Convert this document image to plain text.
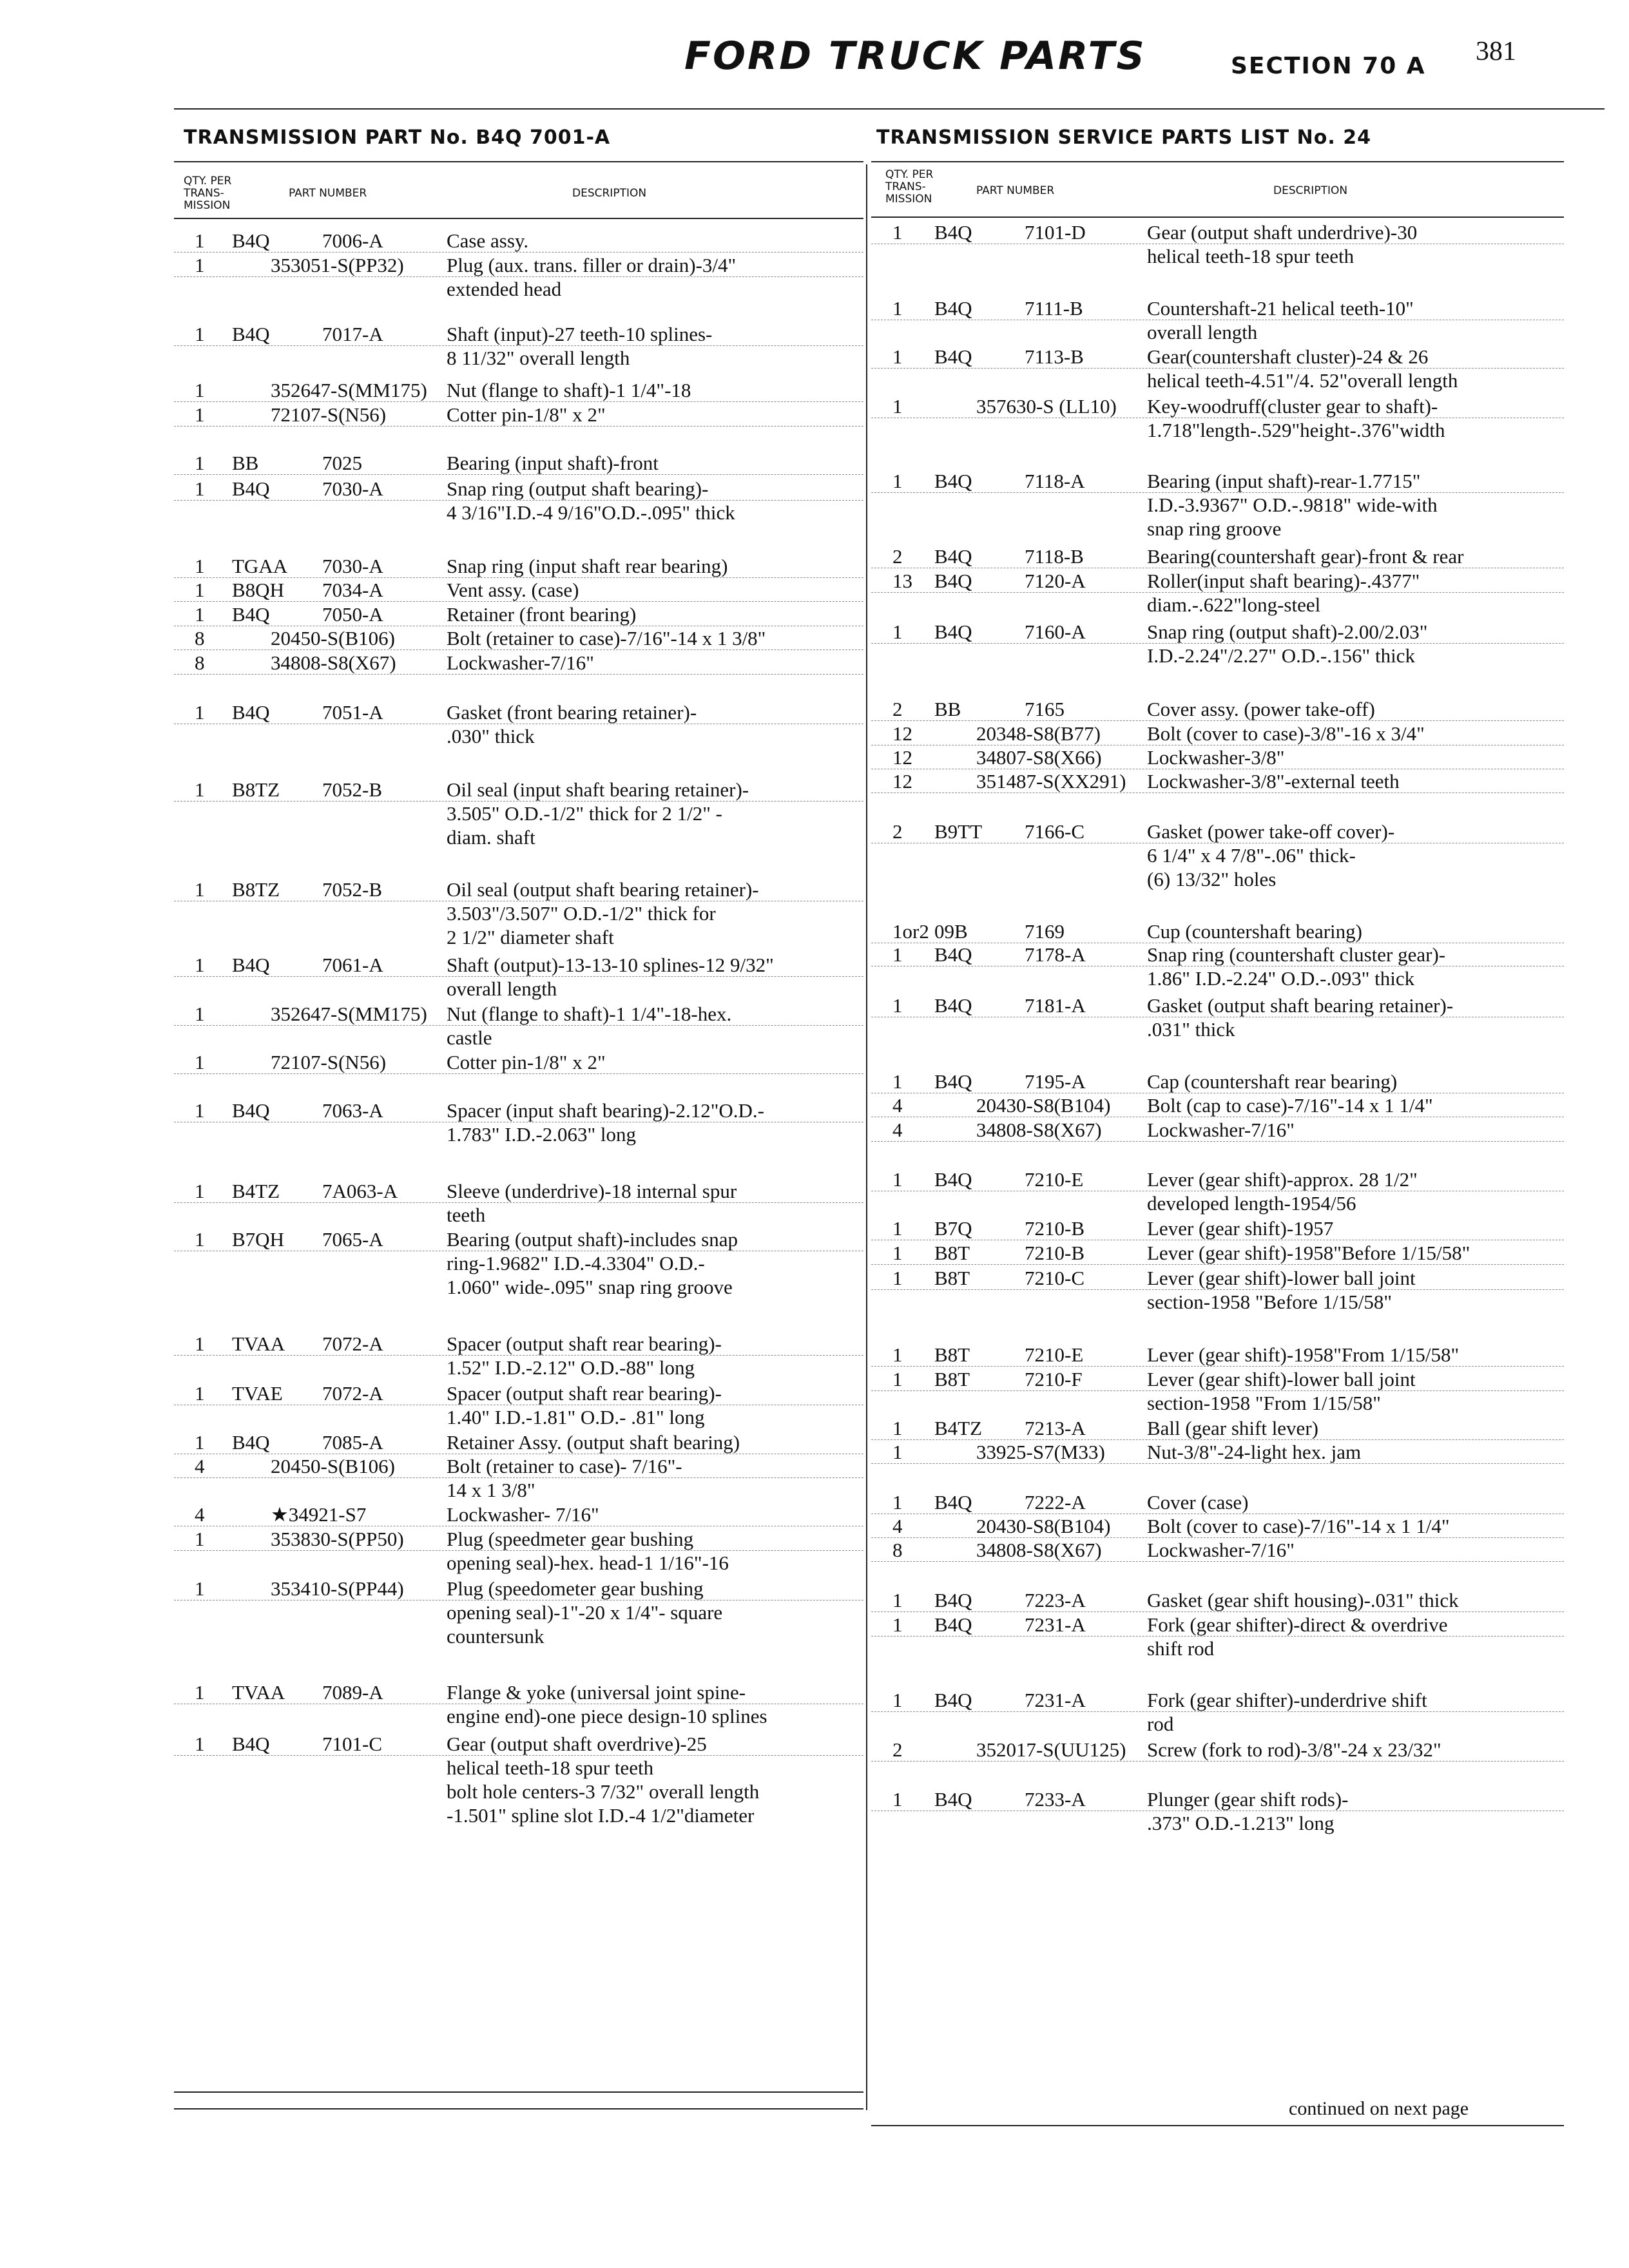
FORD TRUCK PARTS	SECTION 70 A 381
TRANSMISSION PART No. B4Q 7001-A
QTY. PER
TRANS-
MISSION
PART NUMBER	DESCRIPTION
TRANSMISSION SERVICE PARTS LIST No. 24
QTY. PER
TRANS-
MISSION
PART NUMBER	DESCRIPTION
1 B4Q	7006-A	Case assy.
1	353051-S(PP32) Plug (aux. trans. filler or drain)-3/4"
extended head
1 B4Q	7017-A	Shaft (input)-27 teeth-10 splines-
8 11/32" overall length
1	352647-S(MM175) Nut (flange to shaft)-1 1/4"-18
1	72107-S(N56)	Cotter pin-1/8" x 2"
1 BB	7025	Bearing (input shaft)-front
1 B4Q	7030-A	Snap ring (output shaft bearing)-
4 3/16"I.D.-4 9/16"O.D.-.095" thick
1 TGAA 7030-A	Snap ring (input shaft rear bearing)
1 B8QH 7034-A	Vent assy. (case)
1 B4Q	7050-A	Retainer (front bearing)
8	20450-S(B106)	Bolt (retainer to case)-7/16"-14 x 1 3/8"
8	34808-S8(X67)	Lockwasher-7/16"
1 B4Q	7051-A	Gasket (front bearing retainer)-
.030" thick
1 B8TZ 7052-B	Oil seal (input shaft bearing retainer)-
3.505" O.D.-1/2" thick for 2 1/2" -
diam. shaft
1 B8TZ 7052-B	Oil seal (output shaft bearing retainer)-
3.503"/3.507" O.D.-1/2" thick for
2 1/2" diameter shaft
1 B4Q	7061-A	Shaft (output)-13-13-10 splines-12 9/32"
overall length
1	352647-S(MM175) Nut (flange to shaft)-1 1/4"-18-hex.
castle
1	72107-S(N56)	Cotter pin-1/8" x 2"
1 B4Q	7063-A	Spacer (input shaft bearing)-2.12"O.D.-
1.783" I.D.-2.063" long
1 B4TZ 7A063-A Sleeve (underdrive)-18 internal spur
teeth
1 B7QH 7065-A	Bearing (output shaft)-includes snap
ring-1.9682" I.D.-4.3304" O.D.-
1.060" wide-.095" snap ring groove
1 TVAA 7072-A	Spacer (output shaft rear bearing)-
1.52" I.D.-2.12" O.D.-88" long
1 TVAE 7072-A	Spacer (output shaft rear bearing)-
1.40" I.D.-1.81" O.D.- .81" long
1 B4Q	7085-A	Retainer Assy. (output shaft bearing)
4	20450-S(B106)	Bolt (retainer to case)- 7/16"-
14 x 1 3/8"
4	★34921-S7	Lockwasher- 7/16"
1	353830-S(PP50) Plug (speedmeter gear bushing
opening seal)-hex. head-1 1/16"-16
1	353410-S(PP44) Plug (speedometer gear bushing
opening seal)-1"-20 x 1/4"- square
countersunk
1 TVAA 7089-A	Flange & yoke (universal joint spine-
engine end)-one piece design-10 splines
1 B4Q	7101-C	Gear (output shaft overdrive)-25
helical teeth-18 spur teeth
bolt hole centers-3 7/32" overall length
-1.501" spline slot I.D.-4 1/2"diameter
1 B4Q	7101-D	Gear (output shaft underdrive)-30
helical teeth-18 spur teeth
1 B4Q	7111-B	Countershaft-21 helical teeth-10"
overall length
1 B4Q	7113-B	Gear(countershaft cluster)-24 & 26
helical teeth-4.51"/4. 52"overall length
1	357630-S (LL10) Key-woodruff(cluster gear to shaft)-
1.718"length-.529"height-.376"width
1 B4Q	7118-A	Bearing (input shaft)-rear-1.7715"
I.D.-3.9367" O.D.-.9818" wide-with
snap ring groove
2 B4Q	7118-B	Bearing(countershaft gear)-front & rear
13 B4Q	7120-A	Roller(input shaft bearing)-.4377"
diam.-.622"long-steel
1 B4Q	7160-A	Snap ring (output shaft)-2.00/2.03"
I.D.-2.24"/2.27" O.D.-.156" thick
2 BB	7165	Cover assy. (power take-off)
12	20348-S8(B77) Bolt (cover to case)-3/8"-16 x 3/4"
12	34807-S8(X66) Lockwasher-3/8"
12	351487-S(XX291) Lockwasher-3/8"-external teeth
2 B9TT 7166-C	Gasket (power take-off cover)-
6 1/4" x 4 7/8"-.06" thick-
(6) 13/32" holes
1or2 09B	7169	Cup (countershaft bearing)
1 B4Q	7178-A	Snap ring (countershaft cluster gear)-
1.86" I.D.-2.24" O.D.-.093" thick
1 B4Q	7181-A	Gasket (output shaft bearing retainer)-
.031" thick
1 B4Q	7195-A	Cap (countershaft rear bearing)
4	20430-S8(B104) Bolt (cap to case)-7/16"-14 x 1 1/4"
4	34808-S8(X67) Lockwasher-7/16"
1 B4Q	7210-E	Lever (gear shift)-approx. 28 1/2"
developed length-1954/56
1 B7Q	7210-B	Lever (gear shift)-1957
1 B8T	7210-B	Lever (gear shift)-1958"Before 1/15/58"
1 B8T	7210-C	Lever (gear shift)-lower ball joint
section-1958 "Before 1/15/58"
1 B8T	7210-E	Lever (gear shift)-1958"From 1/15/58"
1 B8T	7210-F	Lever (gear shift)-lower ball joint
section-1958 "From 1/15/58"
1 B4TZ 7213-A	Ball (gear shift lever)
1	33925-S7(M33) Nut-3/8"-24-light hex. jam
1 B4Q	7222-A	Cover (case)
4	20430-S8(B104) Bolt (cover to case)-7/16"-14 x 1 1/4"
8	34808-S8(X67) Lockwasher-7/16"
1 B4Q	7223-A	Gasket (gear shift housing)-.031" thick
1 B4Q	7231-A	Fork (gear shifter)-direct & overdrive
shift rod
1 B4Q	7231-A	Fork (gear shifter)-underdrive shift
rod
2	352017-S(UU125) Screw (fork to rod)-3/8"-24 x 23/32"
1 B4Q	7233-A	Plunger (gear shift rods)-
.373" O.D.-1.213" long
continued on next page
